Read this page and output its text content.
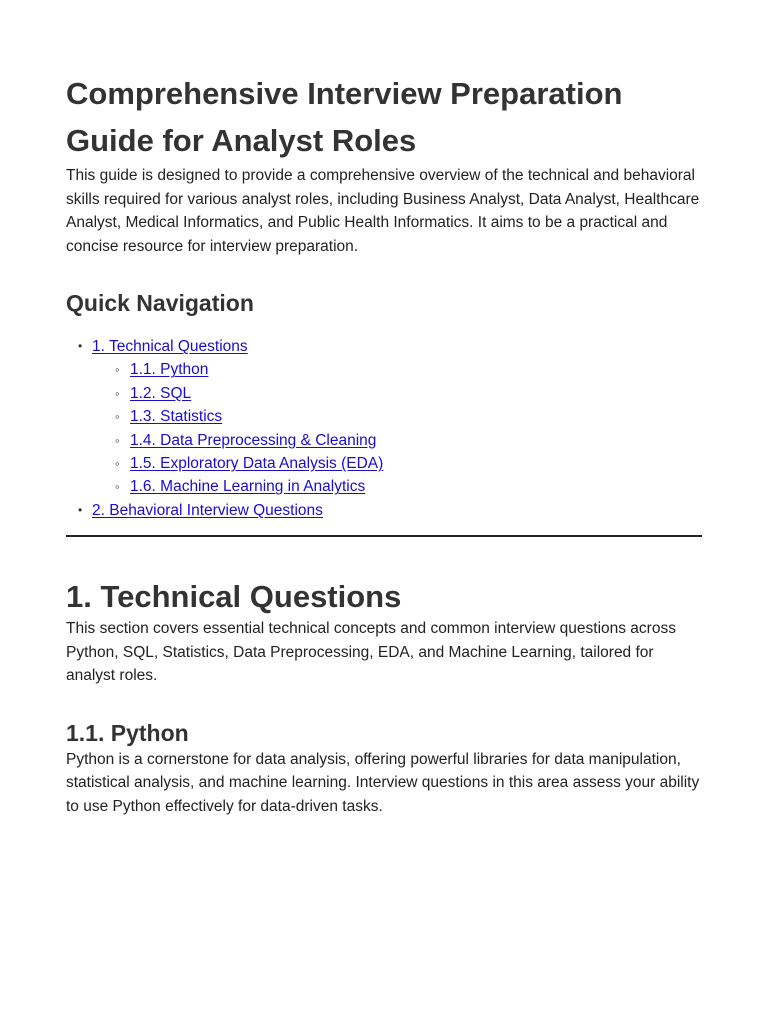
Comprehensive Interview Preparation Guide for Analyst Roles

This guide is designed to provide a comprehensive overview of the technical and behavioral skills required for various analyst roles, including Business Analyst, Data Analyst, Healthcare Analyst, Medical Informatics, and Public Health Informatics. It aims to be a practical and concise resource for interview preparation.

Quick Navigation
• 1. Technical Questions
◦ 1.1. Python
◦ 1.2. SQL
◦ 1.3. Statistics
◦ 1.4. Data Preprocessing & Cleaning
◦ 1.5. Exploratory Data Analysis (EDA)
◦ 1.6. Machine Learning in Analytics
• 2. Behavioral Interview Questions
1. Technical Questions

This section covers essential technical concepts and common interview questions across Python, SQL, Statistics, Data Preprocessing, EDA, and Machine Learning, tailored for analyst roles.

1.1. Python

Python is a cornerstone for data analysis, offering powerful libraries for data manipulation, statistical analysis, and machine learning. Interview questions in this area assess your ability to use Python effectively for data-driven tasks.
